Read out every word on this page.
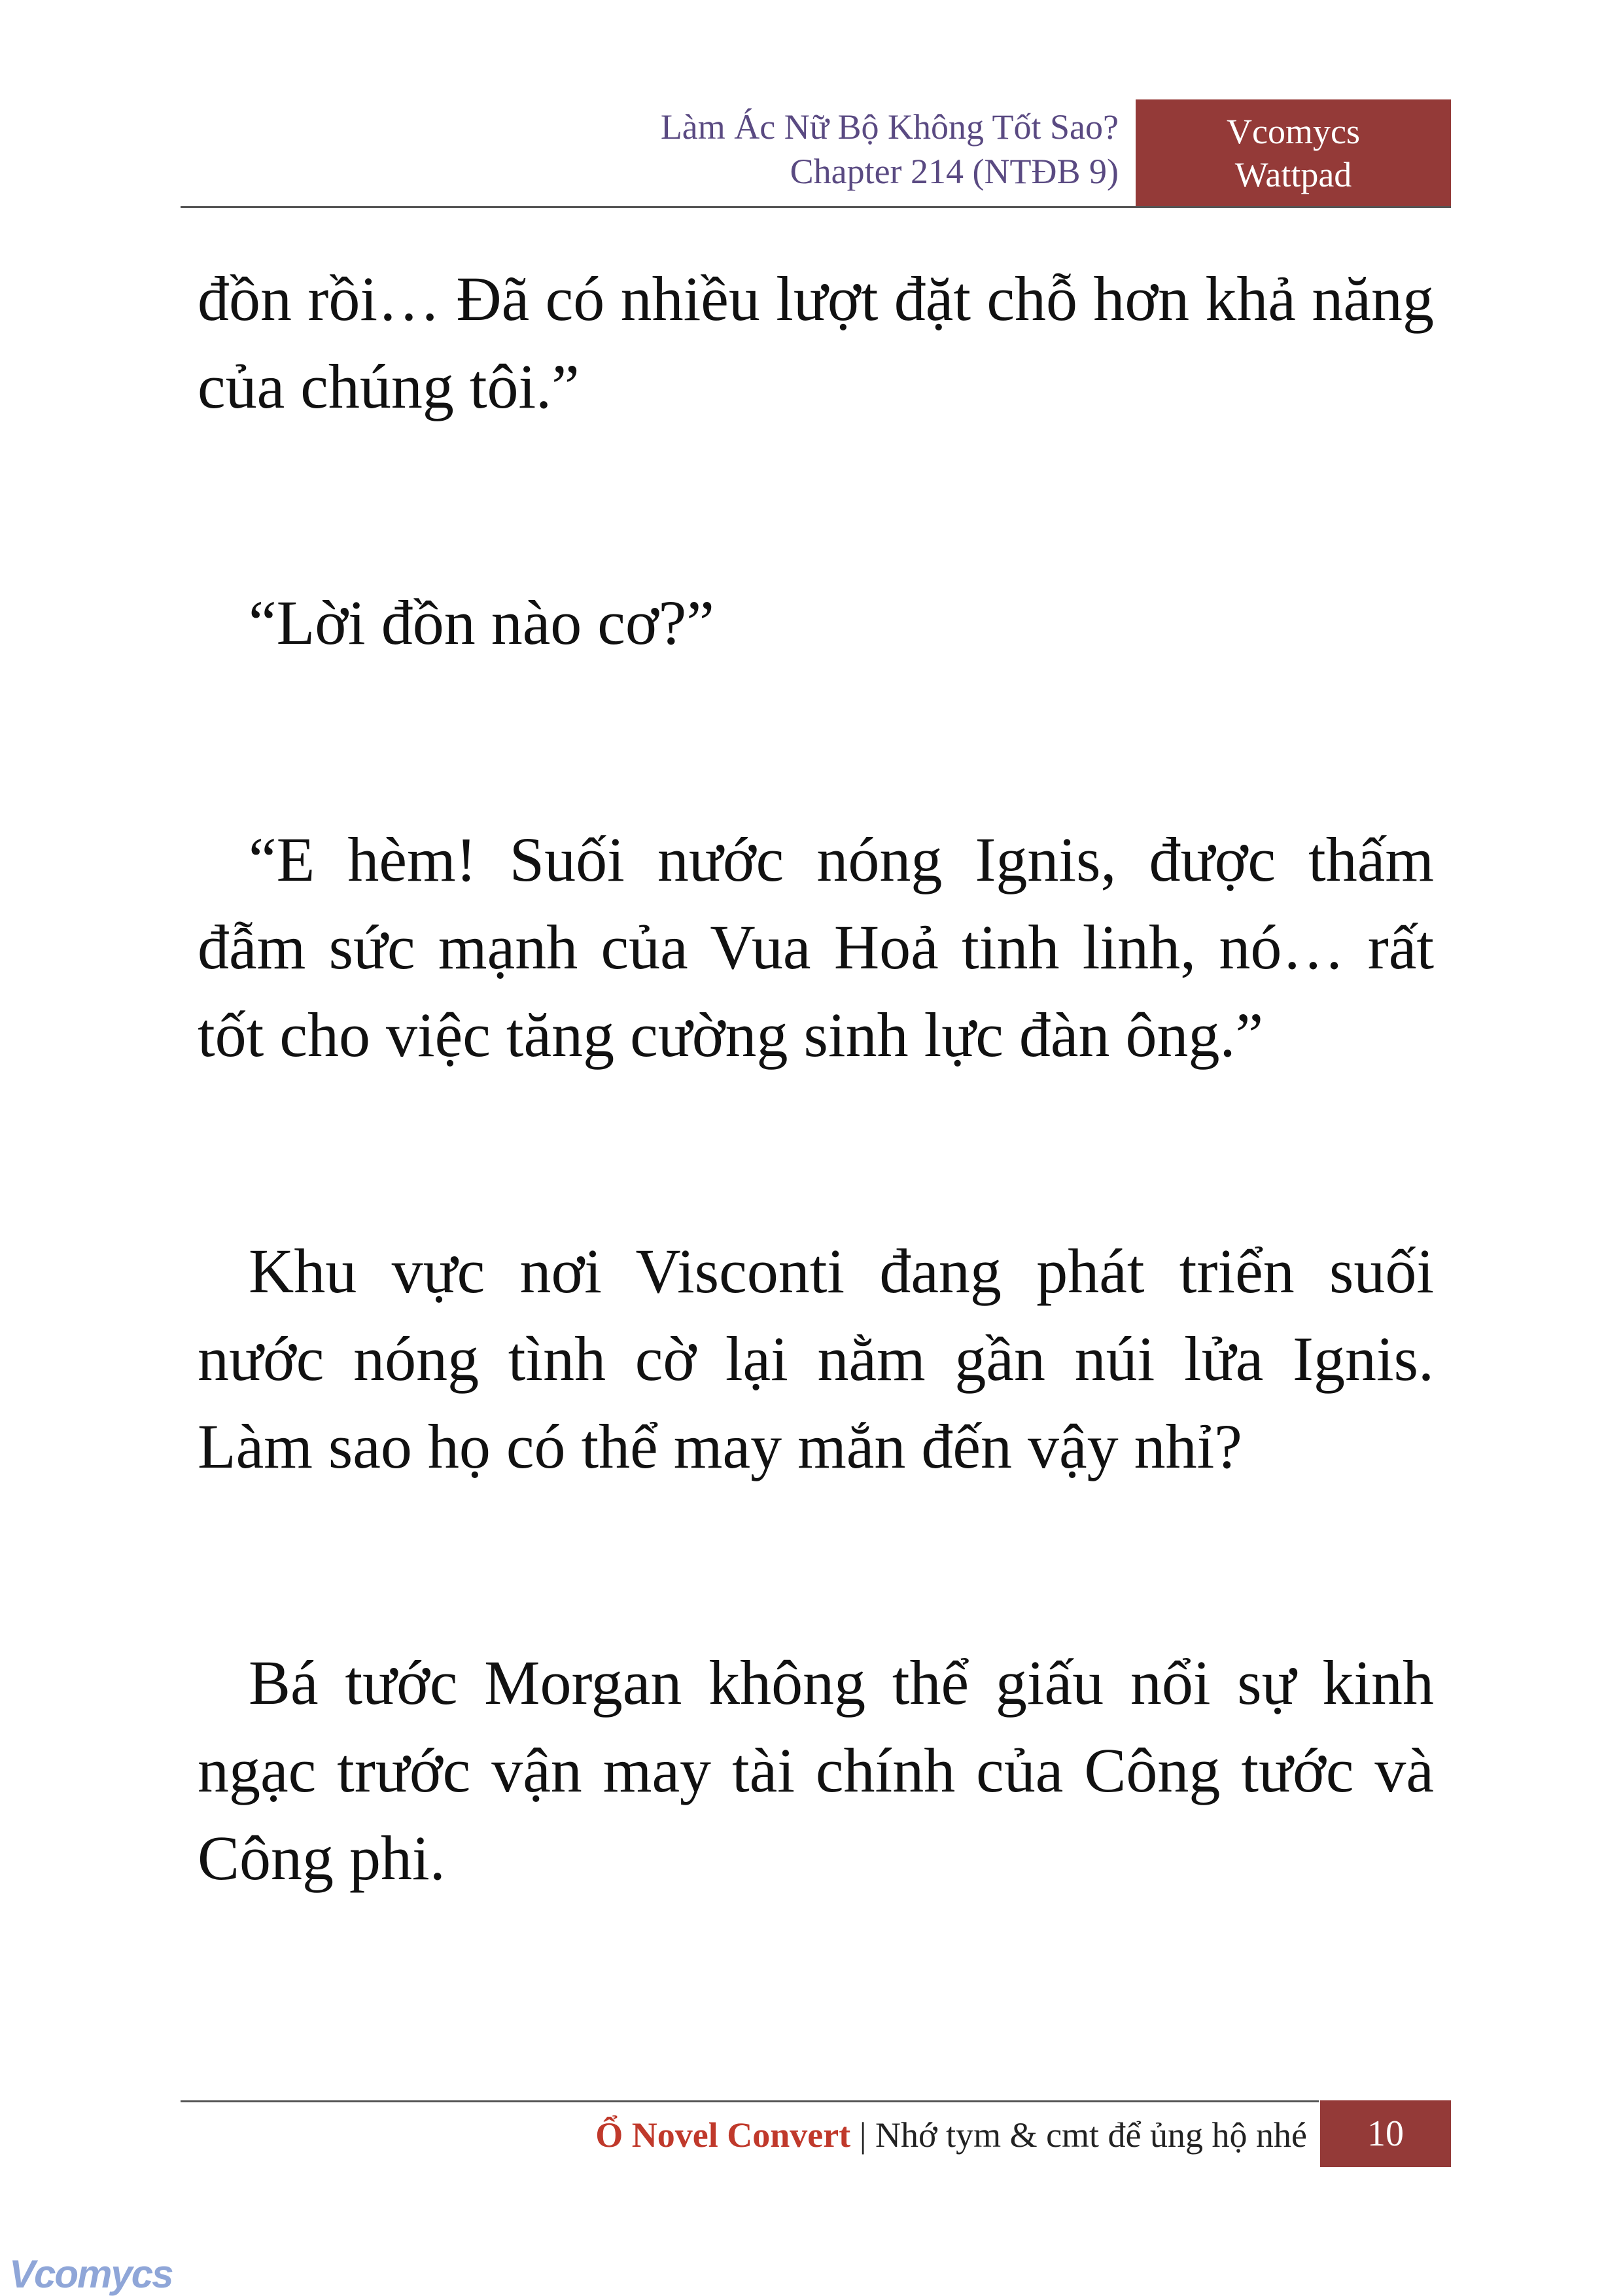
Làm Ác Nữ Bộ Không Tốt Sao?
Chapter 214 (NTĐB 9)
Vcomycs
Wattpad

đồn rồi… Đã có nhiều lượt đặt chỗ hơn khả năng của chúng tôi.”

“Lời đồn nào cơ?”

“E hèm! Suối nước nóng Ignis, được thấm đẫm sức mạnh của Vua Hoả tinh linh, nó… rất tốt cho việc tăng cường sinh lực đàn ông.”

Khu vực nơi Visconti đang phát triển suối nước nóng tình cờ lại nằm gần núi lửa Ignis. Làm sao họ có thể may mắn đến vậy nhỉ?

Bá tước Morgan không thể giấu nổi sự kinh ngạc trước vận may tài chính của Công tước và Công phi.

Ổ Novel Convert | Nhớ tym & cmt để ủng hộ nhé	10
Vcomycs
